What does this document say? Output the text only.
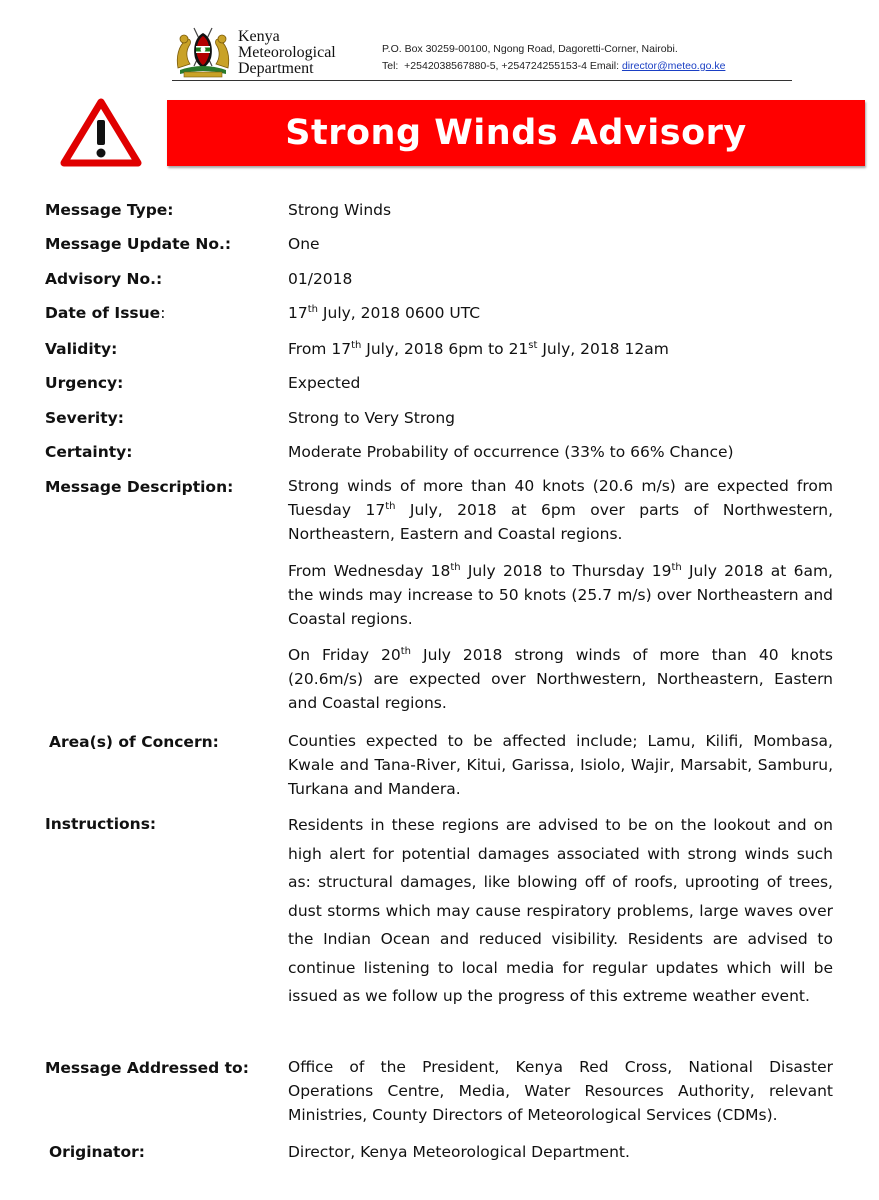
Kenya
Meteorological
Department
P.O. Box 30259-00100, Ngong Road, Dagoretti-Corner, Nairobi.
Tel:  +2542038567880-5, +254724255153-4 Email: director@meteo.go.ke
Strong Winds Advisory
Message Type:	Strong Winds
Message Update No.:	One
Advisory No.:	01/2018
Date of Issue:	17th July, 2018 0600 UTC
Validity:	From 17th July, 2018 6pm to 21st July, 2018 12am
Urgency:	Expected
Severity:	Strong to Very Strong
Certainty:	Moderate Probability of occurrence (33% to 66% Chance)
Message Description:	Strong winds of more than 40 knots (20.6 m/s) are expected from Tuesday 17th July, 2018 at 6pm over parts of Northwestern, Northeastern, Eastern and Coastal regions.
From Wednesday 18th July 2018 to Thursday 19th July 2018 at 6am, the winds may increase to 50 knots (25.7 m/s) over Northeastern and Coastal regions.
On Friday 20th July 2018 strong winds of more than 40 knots (20.6m/s) are expected over Northwestern, Northeastern, Eastern and Coastal regions.
Area(s) of Concern:	Counties expected to be affected include; Lamu, Kilifi, Mombasa, Kwale and Tana-River, Kitui, Garissa, Isiolo, Wajir, Marsabit, Samburu, Turkana and Mandera.
Instructions:	Residents in these regions are advised to be on the lookout and on high alert for potential damages associated with strong winds such as: structural damages, like blowing off of roofs, uprooting of trees, dust storms which may cause respiratory problems, large waves over the Indian Ocean and reduced visibility. Residents are advised to continue listening to local media for regular updates which will be issued as we follow up the progress of this extreme weather event.
Message Addressed to:	Office of the President, Kenya Red Cross, National Disaster Operations Centre, Media, Water Resources Authority, relevant Ministries, County Directors of Meteorological Services (CDMs).
Originator:	Director, Kenya Meteorological Department.
